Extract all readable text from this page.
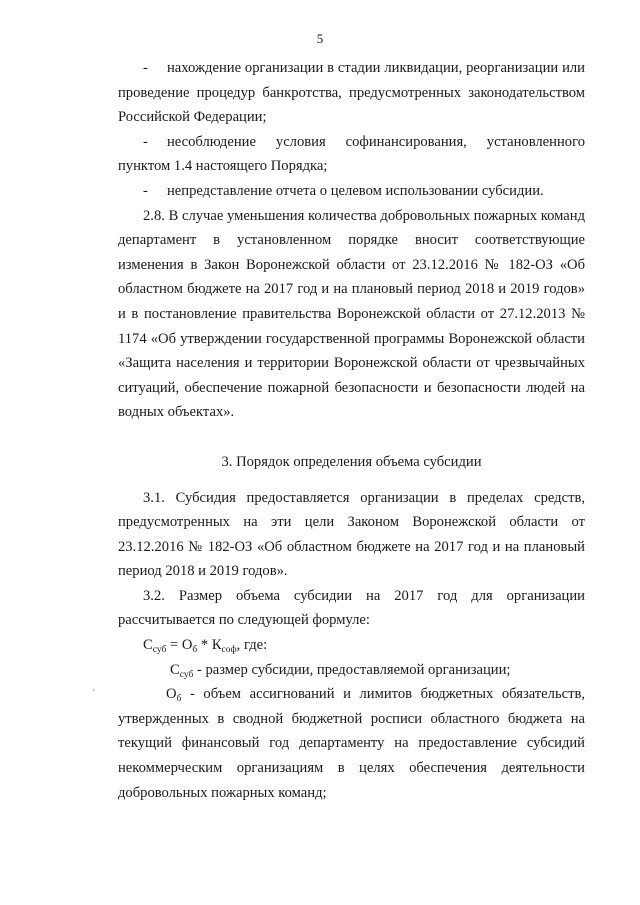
5
`

- нахождение организации в стадии ликвидации, реорганизации или проведение процедур банкротства, предусмотренных законодательством Российской Федерации;

- несоблюдение условия софинансирования, установленного пунктом 1.4 настоящего Порядка;

- непредставление отчета о целевом использовании субсидии.

2.8. В случае уменьшения количества добровольных пожарных команд департамент в установленном порядке вносит соответствующие изменения в Закон Воронежской области от 23.12.2016 № 182-ОЗ «Об областном бюджете на 2017 год и на плановый период 2018 и 2019 годов» и в постановление правительства Воронежской области от 27.12.2013 № 1174 «Об утверждении государственной программы Воронежской области «Защита населения и территории Воронежской области от чрезвычайных ситуаций, обеспечение пожарной безопасности и безопасности людей на водных объектах».

3. Порядок определения объема субсидии

3.1. Субсидия предоставляется организации в пределах средств, предусмотренных на эти цели Законом Воронежской области от 23.12.2016 № 182-ОЗ «Об областном бюджете на 2017 год и на плановый период 2018 и 2019 годов».

3.2. Размер объема субсидии на 2017 год для организации рассчитывается по следующей формуле:

$С_{суб} = О_б * К_{соф}$, где:

$С_{суб}$ - размер субсидии, предоставляемой организации;

$О_б$ - объем ассигнований и лимитов бюджетных обязательств, утвержденных в сводной бюджетной росписи областного бюджета на текущий финансовый год департаменту на предоставление субсидий некоммерческим организациям в целях обеспечения деятельности добровольных пожарных команд;
